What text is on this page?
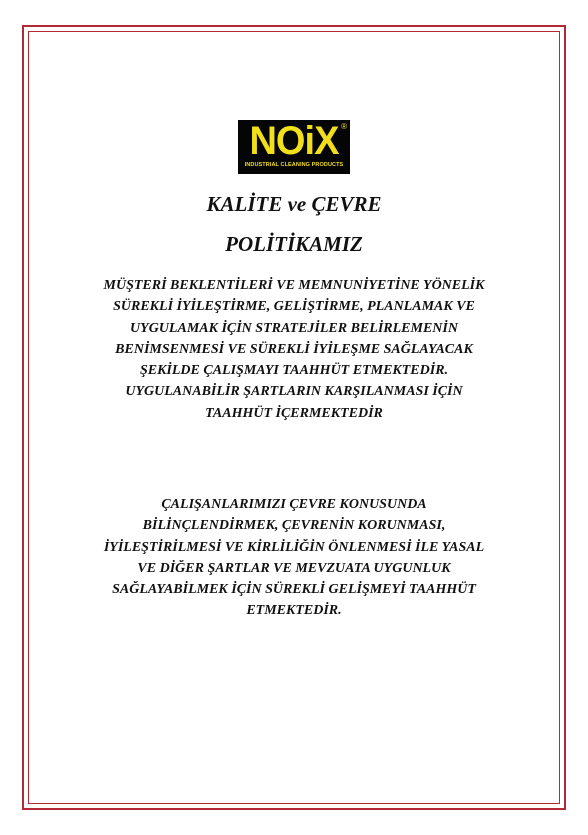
NOiX ®
INDUSTRIAL CLEANING PRODUCTS
KALİTE ve ÇEVRE
POLİTİKAMIZ
MÜŞTERİ BEKLENTİLERİ VE MEMNUNİYETİNE YÖNELİK
SÜREKLİ İYİLEŞTİRME, GELİŞTİRME, PLANLAMAK VE
UYGULAMAK İÇİN STRATEJİLER BELİRLEMENİN
BENİMSENMESİ VE SÜREKLİ İYİLEŞME SAĞLAYACAK
ŞEKİLDE ÇALIŞMAYI TAAHHÜT ETMEKTEDİR.
UYGULANABİLİR ŞARTLARIN KARŞILANMASI İÇİN
TAAHHÜT İÇERMEKTEDİR
ÇALIŞANLARIMIZI ÇEVRE KONUSUNDA
BİLİNÇLENDİRMEK, ÇEVRENİN KORUNMASI,
İYİLEŞTİRİLMESİ VE KİRLİLİĞİN ÖNLENMESİ İLE YASAL
VE DİĞER ŞARTLAR VE MEVZUATA UYGUNLUK
SAĞLAYABİLMEK İÇİN SÜREKLİ GELİŞMEYİ TAAHHÜT
ETMEKTEDİR.
